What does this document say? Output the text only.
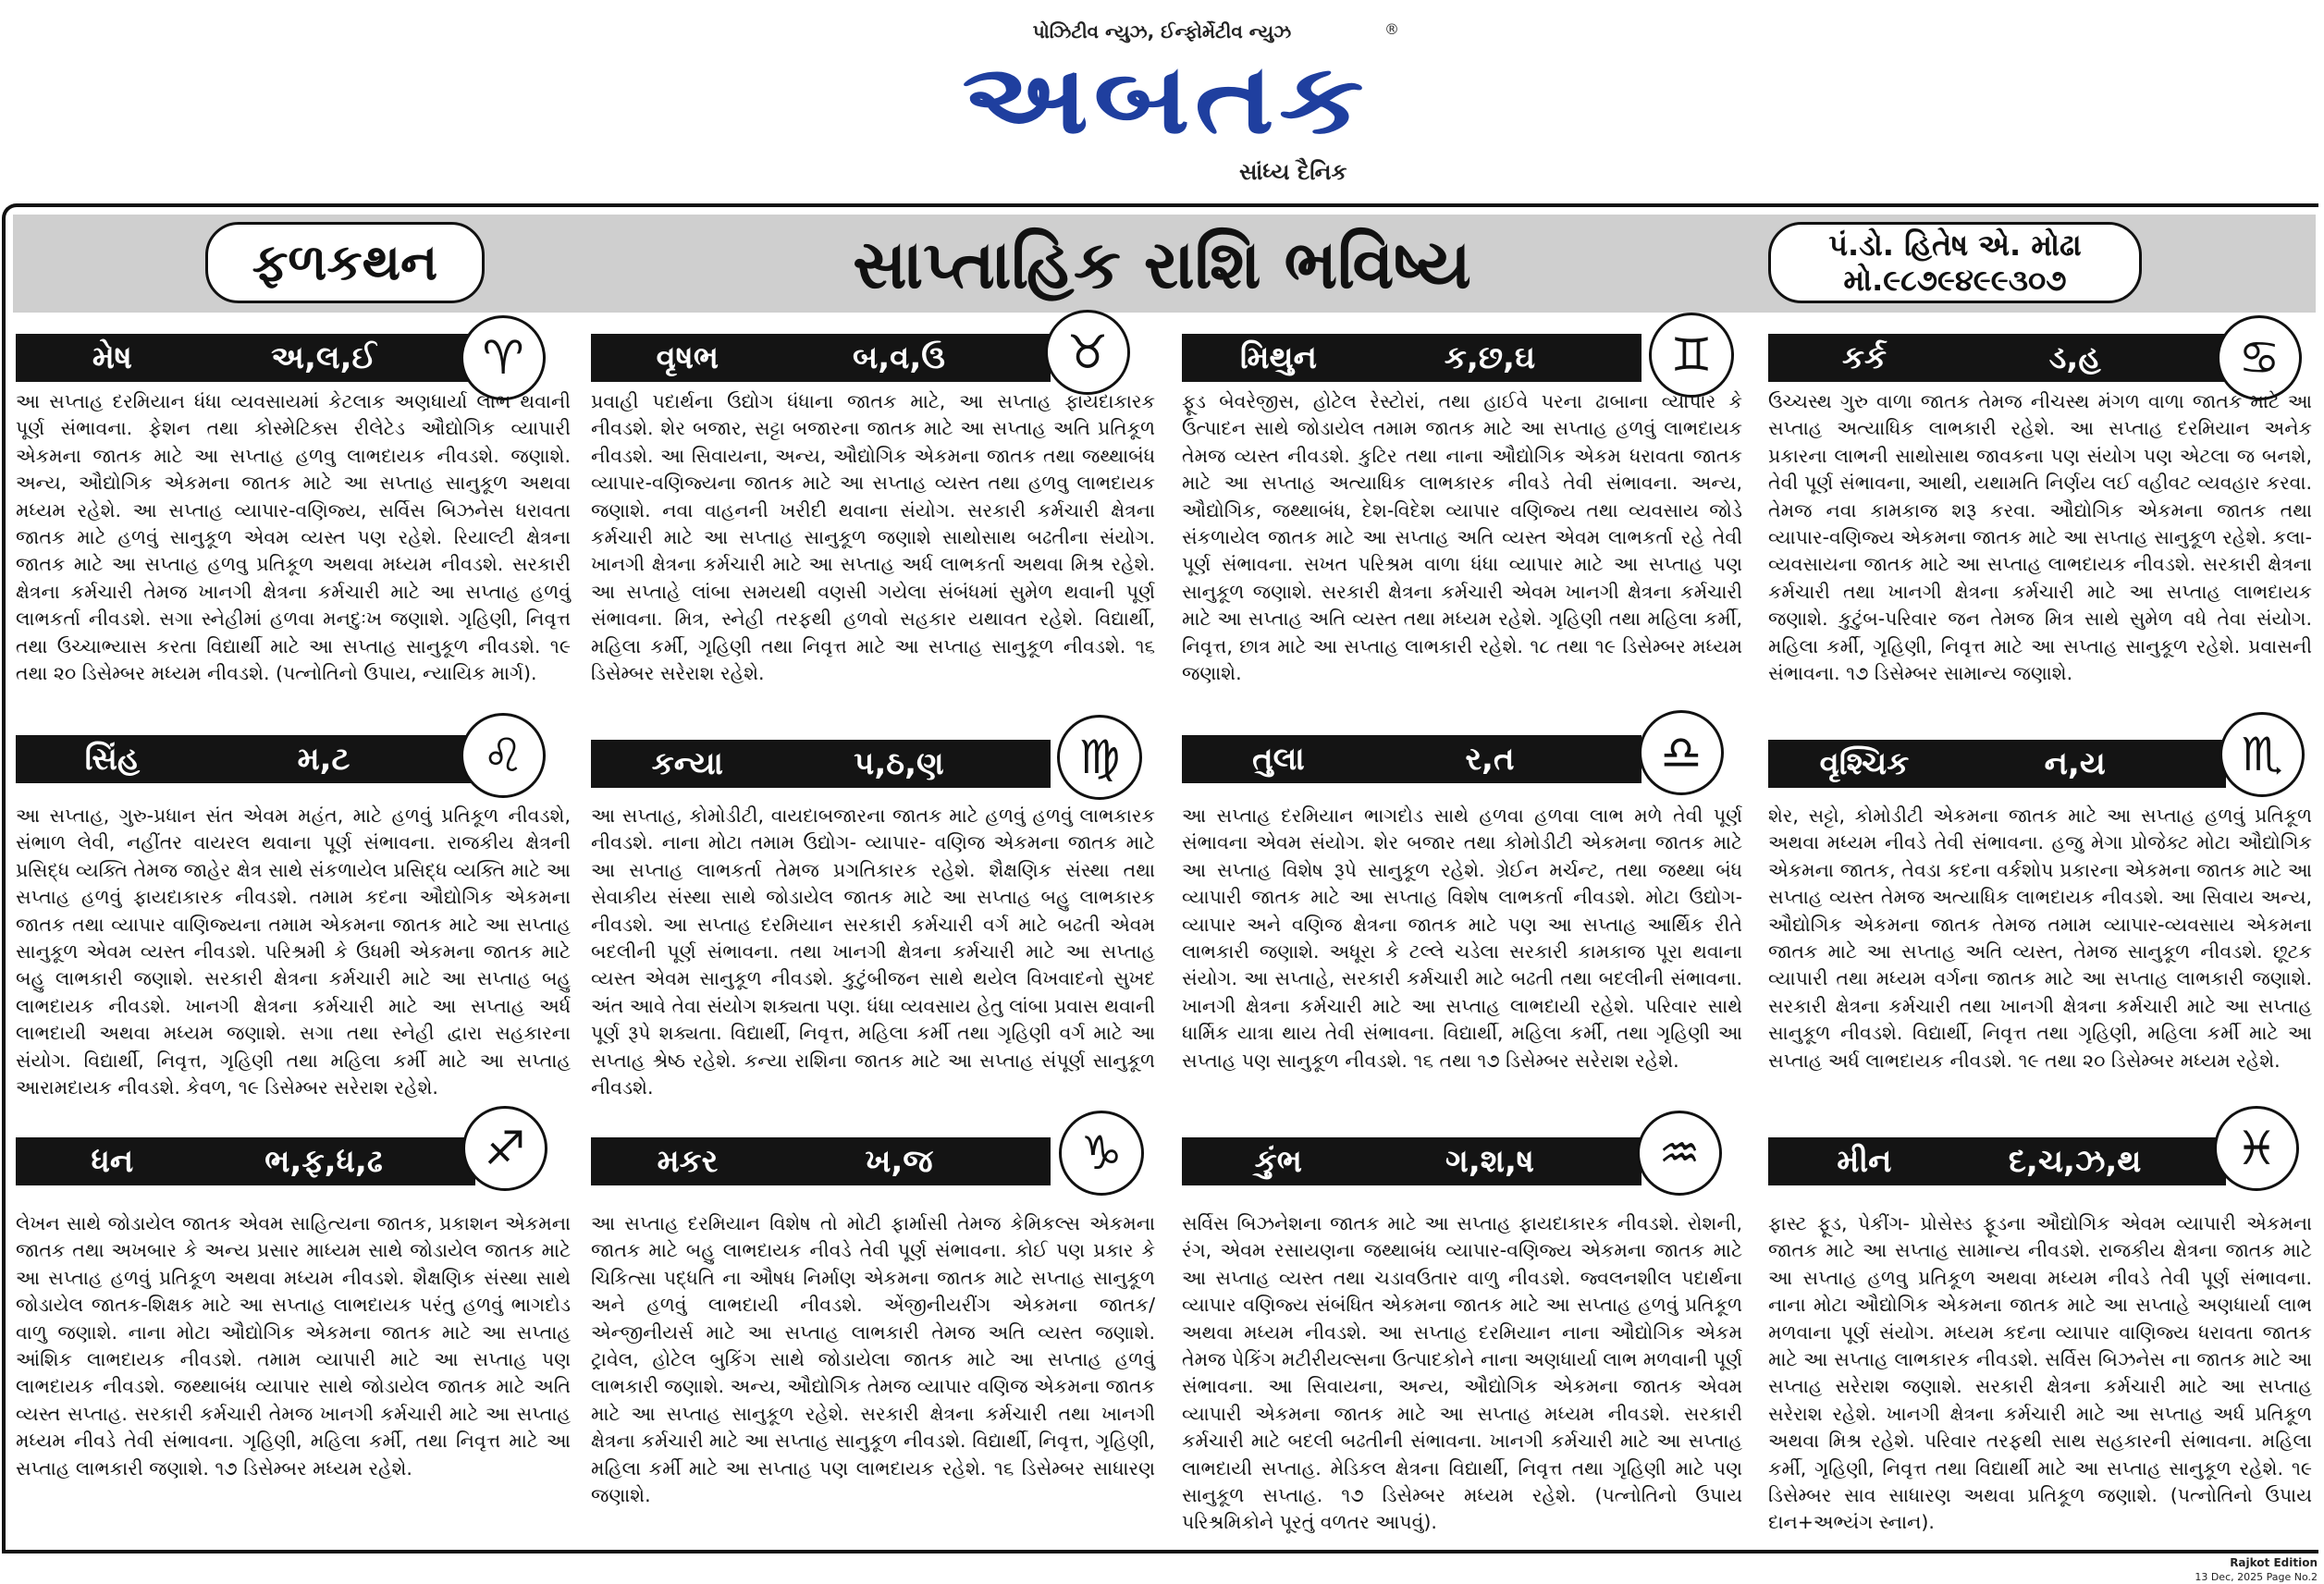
પોઝિટીવ ન્યુઝ, ઈન્ફોર્મેટીવ ન્યુઝ
અબતક
®
સાંધ્ય દૈનિક
ફળકથન	સાપ્તાહિક રાશિ ભવિષ્ય	પં.ડો. હિતેષ એ. મોઢા
મો.૯૮૭૯૪૯૯૩૦૭
મેષ	અ,લ,ઈ	♈

આ સપ્તાહ દરમિયાન ધંધા વ્યવસાયમાં કેટલાક અણધાર્યા લાભ થવાની પૂર્ણ સંભાવના. ફેશન તથા કોસ્મેટિક્સ રીલેટેડ ઔદ્યોગિક વ્યાપારી એકમના જાતક માટે આ સપ્તાહ હળવુ લાભદાયક નીવડશે. જણાશે. અન્ય, ઔદ્યોગિક એકમના જાતક માટે આ સપ્તાહ સાનુકૂળ અથવા મધ્યમ રહેશે. આ સપ્તાહ વ્યાપાર-વણિજ્ય, સર્વિસ બિઝનેસ ધરાવતા જાતક માટે હળવું સાનુકૂળ એવમ વ્યસ્ત પણ રહેશે. રિયાલ્ટી ક્ષેત્રના જાતક માટે આ સપ્તાહ હળવુ પ્રતિકૂળ અથવા મધ્યમ નીવડશે. સરકારી ક્ષેત્રના કર્મચારી તેમજ ખાનગી ક્ષેત્રના કર્મચારી માટે આ સપ્તાહ હળવું લાભકર્તા નીવડશે. સગા સ્નેહીમાં હળવા મનદુઃખ જણાશે. ગૃહિણી, નિવૃત્ત તથા ઉચ્ચાભ્યાસ કરતા વિદ્યાર્થી માટે આ સપ્તાહ સાનુકૂળ નીવડશે. ૧૯ તથા ૨૦ ડિસેમ્બર મધ્યમ નીવડશે. (પત્નોતિનો ઉપાય, ન્યાયિક માર્ગ).

વૃષભ	બ,વ,ઉ	♉

પ્રવાહી પદાર્થના ઉદ્યોગ ધંધાના જાતક માટે, આ સપ્તાહ ફાયદાકારક નીવડશે. શેર બજાર, સટ્ટા બજારના જાતક માટે આ સપ્તાહ અતિ પ્રતિકૂળ નીવડશે. આ સિવાયના, અન્ય, ઔદ્યોગિક એકમના જાતક તથા જથ્થાબંધ વ્યાપાર-વણિજ્યના જાતક માટે આ સપ્તાહ વ્યસ્ત તથા હળવુ લાભદાયક જણાશે. નવા વાહનની ખરીદી થવાના સંયોગ. સરકારી કર્મચારી ક્ષેત્રના કર્મચારી માટે આ સપ્તાહ સાનુકૂળ જણાશે સાથોસાથ બઢતીના સંયોગ. ખાનગી ક્ષેત્રના કર્મચારી માટે આ સપ્તાહ અર્ધ લાભકર્તા અથવા મિશ્ર રહેશે. આ સપ્તાહે લાંબા સમયથી વણસી ગયેલા સંબંધમાં સુમેળ થવાની પૂર્ણ સંભાવના. મિત્ર, સ્નેહી તરફથી હળવો સહકાર યથાવત રહેશે. વિદ્યાર્થી, મહિલા કર્મી, ગૃહિણી તથા નિવૃત્ત માટે આ સપ્તાહ સાનુકૂળ નીવડશે. ૧૬ ડિસેમ્બર સરેરાશ રહેશે.

મિથુન	ક,છ,ઘ	♊

ફૂડ બેવરેજીસ, હોટેલ રેસ્ટોરાં, તથા હાઈવે પરના ઢાબાના વ્યાપાર કે ઉત્પાદન સાથે જોડાયેલ તમામ જાતક માટે આ સપ્તાહ હળવું લાભદાયક તેમજ વ્યસ્ત નીવડશે. કુટિર તથા નાના ઔદ્યોગિક એકમ ધરાવતા જાતક માટે આ સપ્તાહ અત્યાધિક લાભકારક નીવડે તેવી સંભાવના. અન્ય, ઔદ્યોગિક, જથ્થાબંધ, દેશ-વિદેશ વ્યાપાર વણિજ્ય તથા વ્યવસાય જોડે સંકળાયેલ જાતક માટે આ સપ્તાહ અતિ વ્યસ્ત એવમ લાભકર્તા રહે તેવી પૂર્ણ સંભાવના. સખત પરિશ્રમ વાળા ધંધા વ્યાપાર માટે આ સપ્તાહ પણ સાનુકૂળ જણાશે. સરકારી ક્ષેત્રના કર્મચારી એવમ ખાનગી ક્ષેત્રના કર્મચારી માટે આ સપ્તાહ અતિ વ્યસ્ત તથા મધ્યમ રહેશે. ગૃહિણી તથા મહિલા કર્મી, નિવૃત્ત, છાત્ર માટે આ સપ્તાહ લાભકારી રહેશે. ૧૮ તથા ૧૯ ડિસેમ્બર મધ્યમ જણાશે.

કર્ક	ડ,હ	♋

ઉચ્ચસ્થ ગુરુ વાળા જાતક તેમજ નીચસ્થ મંગળ વાળા જાતક માટે આ સપ્તાહ અત્યાધિક લાભકારી રહેશે. આ સપ્તાહ દરમિયાન અનેક પ્રકારના લાભની સાથોસાથ જાવકના પણ સંયોગ પણ એટલા જ બનશે, તેવી પૂર્ણ સંભાવના, આથી, યથામતિ નિર્ણય લઈ વહીવટ વ્યવહાર કરવા. તેમજ નવા કામકાજ શરૂ કરવા. ઔદ્યોગિક એકમના જાતક તથા વ્યાપાર-વણિજ્ય એકમના જાતક માટે આ સપ્તાહ સાનુકૂળ રહેશે. કલા-વ્યવસાયના જાતક માટે આ સપ્તાહ લાભદાયક નીવડશે. સરકારી ક્ષેત્રના કર્મચારી તથા ખાનગી ક્ષેત્રના કર્મચારી માટે આ સપ્તાહ લાભદાયક જણાશે. કુટુંબ-પરિવાર જન તેમજ મિત્ર સાથે સુમેળ વધે તેવા સંયોગ. મહિલા કર્મી, ગૃહિણી, નિવૃત્ત માટે આ સપ્તાહ સાનુકૂળ રહેશે. પ્રવાસની સંભાવના. ૧૭ ડિસેમ્બર સામાન્ય જણાશે.

સિંહ	મ,ટ	♌

આ સપ્તાહ, ગુરુ-પ્રધાન સંત એવમ મહંત, માટે હળવું પ્રતિકૂળ નીવડશે, સંભાળ લેવી, નહીંતર વાયરલ થવાના પૂર્ણ સંભાવના. રાજકીય ક્ષેત્રની પ્રસિદ્ધ વ્યક્તિ તેમજ જાહેર ક્ષેત્ર સાથે સંકળાયેલ પ્રસિદ્ધ વ્યક્તિ માટે આ સપ્તાહ હળવું ફાયદાકારક નીવડશે. તમામ કદના ઔદ્યોગિક એકમના જાતક તથા વ્યાપાર વાણિજ્યના તમામ એકમના જાતક માટે આ સપ્તાહ સાનુકૂળ એવમ વ્યસ્ત નીવડશે. પરિશ્રમી કે ઉધમી એકમના જાતક માટે બહુ લાભકારી જણાશે. સરકારી ક્ષેત્રના કર્મચારી માટે આ સપ્તાહ બહુ લાભદાયક નીવડશે. ખાનગી ક્ષેત્રના કર્મચારી માટે આ સપ્તાહ અર્ધ લાભદાયી અથવા મધ્યમ જણાશે. સગા તથા સ્નેહી દ્વારા સહકારના સંયોગ. વિદ્યાર્થી, નિવૃત્ત, ગૃહિણી તથા મહિલા કર્મી માટે આ સપ્તાહ આરામદાયક નીવડશે. કેવળ, ૧૯ ડિસેમ્બર સરેરાશ રહેશે.

કન્યા	પ,ઠ,ણ	♍

આ સપ્તાહ, કોમોડીટી, વાયદાબજારના જાતક માટે હળવું હળવું લાભકારક નીવડશે. નાના મોટા તમામ ઉદ્યોગ- વ્યાપાર- વણિજ એકમના જાતક માટે આ સપ્તાહ લાભકર્તા તેમજ પ્રગતિકારક રહેશે. શૈક્ષણિક સંસ્થા તથા સેવાકીય સંસ્થા સાથે જોડાયેલ જાતક માટે આ સપ્તાહ બહુ લાભકારક નીવડશે. આ સપ્તાહ દરમિયાન સરકારી કર્મચારી વર્ગ માટે બઢતી એવમ બદલીની પૂર્ણ સંભાવના. તથા ખાનગી ક્ષેત્રના કર્મચારી માટે આ સપ્તાહ વ્યસ્ત એવમ સાનુકૂળ નીવડશે. કુટુંબીજન સાથે થયેલ વિખવાદનો સુખદ અંત આવે તેવા સંયોગ શક્યતા પણ. ધંધા વ્યવસાય હેતુ લાંબા પ્રવાસ થવાની પૂર્ણ રૂપે શક્યતા. વિદ્યાર્થી, નિવૃત્ત, મહિલા કર્મી તથા ગૃહિણી વર્ગ માટે આ સપ્તાહ શ્રેષ્ઠ રહેશે. કન્યા રાશિના જાતક માટે આ સપ્તાહ સંપૂર્ણ સાનુકૂળ નીવડશે.

તુલા	ર,ત	♎

આ સપ્તાહ દરમિયાન ભાગદોડ સાથે હળવા હળવા લાભ મળે તેવી પૂર્ણ સંભાવના એવમ સંયોગ. શેર બજાર તથા કોમોડીટી એકમના જાતક માટે આ સપ્તાહ વિશેષ રૂપે સાનુકૂળ રહેશે. ગ્રેઈન મર્ચન્ટ, તથા જથ્થા બંધ વ્યાપારી જાતક માટે આ સપ્તાહ વિશેષ લાભકર્તા નીવડશે. મોટા ઉદ્યોગ-વ્યાપાર અને વણિજ ક્ષેત્રના જાતક માટે પણ આ સપ્તાહ આર્થિક રીતે લાભકારી જણાશે. અધૂરા કે ટલ્લે ચડેલા સરકારી કામકાજ પૂરા થવાના સંયોગ. આ સપ્તાહે, સરકારી કર્મચારી માટે બઢતી તથા બદલીની સંભાવના. ખાનગી ક્ષેત્રના કર્મચારી માટે આ સપ્તાહ લાભદાયી રહેશે. પરિવાર સાથે ધાર્મિક યાત્રા થાય તેવી સંભાવના. વિદ્યાર્થી, મહિલા કર્મી, તથા ગૃહિણી આ સપ્તાહ પણ સાનુકૂળ નીવડશે. ૧૬ તથા ૧૭ ડિસેમ્બર સરેરાશ રહેશે.

વૃશ્ચિક	ન,ય	♏

શેર, સટ્ટો, કોમોડીટી એકમના જાતક માટે આ સપ્તાહ હળવું પ્રતિકૂળ અથવા મધ્યમ નીવડે તેવી સંભાવના. હજુ મેગા પ્રોજેક્ટ મોટા ઔદ્યોગિક એકમના જાતક, તેવડા કદના વર્કશોપ પ્રકારના એકમના જાતક માટે આ સપ્તાહ વ્યસ્ત તેમજ અત્યાધિક લાભદાયક નીવડશે. આ સિવાય અન્ય, ઔદ્યોગિક એકમના જાતક તેમજ તમામ વ્યાપાર-વ્યવસાય એકમના જાતક માટે આ સપ્તાહ અતિ વ્યસ્ત, તેમજ સાનુકૂળ નીવડશે. છૂટક વ્યાપારી તથા મધ્યમ વર્ગના જાતક માટે આ સપ્તાહ લાભકારી જણાશે. સરકારી ક્ષેત્રના કર્મચારી તથા ખાનગી ક્ષેત્રના કર્મચારી માટે આ સપ્તાહ સાનુકૂળ નીવડશે. વિદ્યાર્થી, નિવૃત્ત તથા ગૃહિણી, મહિલા કર્મી માટે આ સપ્તાહ અર્ધ લાભદાયક નીવડશે. ૧૯ તથા ૨૦ ડિસેમ્બર મધ્યમ રહેશે.

ધન	ભ,ફ,ધ,ઢ	♐

લેખન સાથે જોડાયેલ જાતક એવમ સાહિત્યના જાતક, પ્રકાશન એકમના જાતક તથા અખબાર કે અન્ય પ્રસાર માધ્યમ સાથે જોડાયેલ જાતક માટે આ સપ્તાહ હળવું પ્રતિકૂળ અથવા મધ્યમ નીવડશે. શૈક્ષણિક સંસ્થા સાથે જોડાયેલ જાતક-શિક્ષક માટે આ સપ્તાહ લાભદાયક પરંતુ હળવું ભાગદોડ વાળુ જણાશે. નાના મોટા ઔદ્યોગિક એકમના જાતક માટે આ સપ્તાહ આંશિક લાભદાયક નીવડશે. તમામ વ્યાપારી માટે આ સપ્તાહ પણ લાભદાયક નીવડશે. જથ્થાબંધ વ્યાપાર સાથે જોડાયેલ જાતક માટે અતિ વ્યસ્ત સપ્તાહ. સરકારી કર્મચારી તેમજ ખાનગી કર્મચારી માટે આ સપ્તાહ મધ્યમ નીવડે તેવી સંભાવના. ગૃહિણી, મહિલા કર્મી, તથા નિવૃત્ત માટે આ સપ્તાહ લાભકારી જણાશે. ૧૭ ડિસેમ્બર મધ્યમ રહેશે.

મકર	ખ,જ	♑

આ સપ્તાહ દરમિયાન વિશેષ તો મોટી ફાર્માસી તેમજ કેમિકલ્સ એકમના જાતક માટે બહુ લાભદાયક નીવડે તેવી પૂર્ણ સંભાવના. કોઈ પણ પ્રકાર કે ચિકિત્સા પદ્ધતિ ના ઔષધ નિર્માણ એકમના જાતક માટે સપ્તાહ સાનુકૂળ અને હળવું લાભદાયી નીવડશે. એંજીનીયરીંગ એકમના જાતક/ એન્જીનીયર્સ માટે આ સપ્તાહ લાભકારી તેમજ અતિ વ્યસ્ત જણાશે. ટ્રાવેલ, હોટેલ બુકિંગ સાથે જોડાયેલા જાતક માટે આ સપ્તાહ હળવું લાભકારી જણાશે. અન્ય, ઔદ્યોગિક તેમજ વ્યાપાર વણિજ એકમના જાતક માટે આ સપ્તાહ સાનુકૂળ રહેશે. સરકારી ક્ષેત્રના કર્મચારી તથા ખાનગી ક્ષેત્રના કર્મચારી માટે આ સપ્તાહ સાનુકૂળ નીવડશે. વિદ્યાર્થી, નિવૃત્ત, ગૃહિણી, મહિલા કર્મી માટે આ સપ્તાહ પણ લાભદાયક રહેશે. ૧૬ ડિસેમ્બર સાધારણ જણાશે.

કુંભ	ગ,શ,ષ	♒

સર્વિસ બિઝનેશના જાતક માટે આ સપ્તાહ ફાયદાકારક નીવડશે. રોશની, રંગ, એવમ રસાયણના જથ્થાબંધ વ્યાપાર-વણિજ્ય એકમના જાતક માટે આ સપ્તાહ વ્યસ્ત તથા ચડાવઉતાર વાળુ નીવડશે. જ્વલનશીલ પદાર્થના વ્યાપાર વણિજ્ય સંબંધિત એકમના જાતક માટે આ સપ્તાહ હળવું પ્રતિકૂળ અથવા મધ્યમ નીવડશે. આ સપ્તાહ દરમિયાન નાના ઔદ્યોગિક એકમ તેમજ પેકિંગ મટીરીયલ્સના ઉત્પાદકોને નાના અણધાર્યા લાભ મળવાની પૂર્ણ સંભાવના. આ સિવાયના, અન્ય, ઔદ્યોગિક એકમના જાતક એવમ વ્યાપારી એકમના જાતક માટે આ સપ્તાહ મધ્યમ નીવડશે. સરકારી કર્મચારી માટે બદલી બઢતીની સંભાવના. ખાનગી કર્મચારી માટે આ સપ્તાહ લાભદાયી સપ્તાહ. મેડિકલ ક્ષેત્રના વિદ્યાર્થી, નિવૃત્ત તથા ગૃહિણી માટે પણ સાનુકૂળ સપ્તાહ. ૧૭ ડિસેમ્બર મધ્યમ રહેશે. (પત્નોતિનો ઉપાય પરિશ્રમિકોને પૂરતું વળતર આપવું).

મીન	દ,ચ,ઝ,થ	♓

ફાસ્ટ ફૂડ, પેકીંગ- પ્રોસેસ્ડ ફૂડના ઔદ્યોગિક એવમ વ્યાપારી એકમના જાતક માટે આ સપ્તાહ સામાન્ય નીવડશે. રાજકીય ક્ષેત્રના જાતક માટે આ સપ્તાહ હળવુ પ્રતિકૂળ અથવા મધ્યમ નીવડે તેવી પૂર્ણ સંભાવના. નાના મોટા ઔદ્યોગિક એકમના જાતક માટે આ સપ્તાહે અણધાર્યા લાભ મળવાના પૂર્ણ સંયોગ. મધ્યમ કદના વ્યાપાર વાણિજ્ય ધરાવતા જાતક માટે આ સપ્તાહ લાભકારક નીવડશે. સર્વિસ બિઝનેસ ના જાતક માટે આ સપ્તાહ સરેરાશ જણાશે. સરકારી ક્ષેત્રના કર્મચારી માટે આ સપ્તાહ સરેરાશ રહેશે. ખાનગી ક્ષેત્રના કર્મચારી માટે આ સપ્તાહ અર્ધ પ્રતિકૂળ અથવા મિશ્ર રહેશે. પરિવાર તરફથી સાથ સહકારની સંભાવના. મહિલા કર્મી, ગૃહિણી, નિવૃત્ત તથા વિદ્યાર્થી માટે આ સપ્તાહ સાનુકૂળ રહેશે. ૧૯ ડિસેમ્બર સાવ સાધારણ અથવા પ્રતિકૂળ જણાશે. (પત્નોતિનો ઉપાય દાન+અભ્યંગ સ્નાન).

Rajkot Edition
13 Dec, 2025 Page No.2
